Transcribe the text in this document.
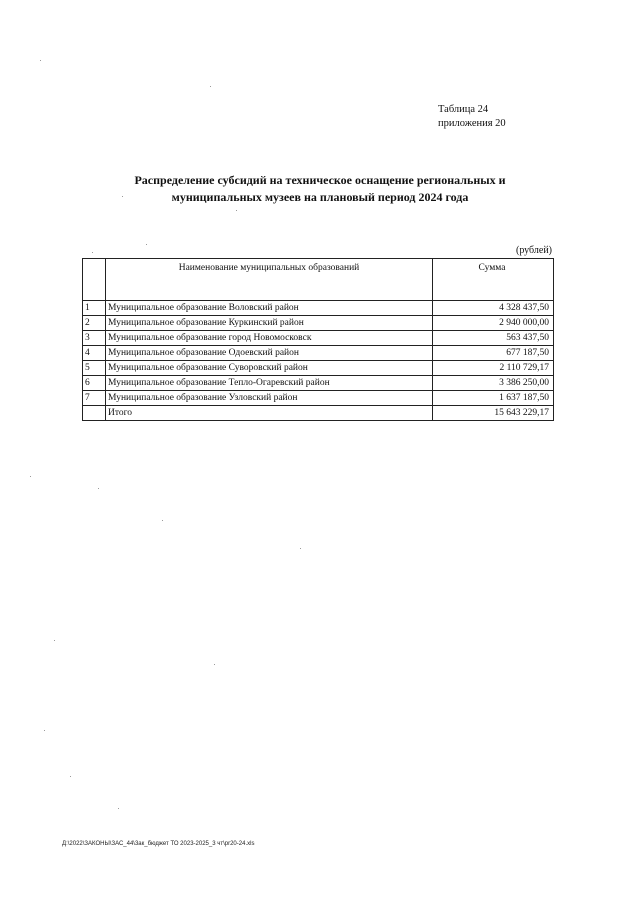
Таблица 24
приложения 20
Распределение субсидий на техническое оснащение региональных и
муниципальных музеев на плановый период 2024 года
(рублей)
	Наименование муниципальных образований	Сумма
1	Муниципальное образование Воловский район	4 328 437,50
2	Муниципальное образование Куркинский район	2 940 000,00
3	Муниципальное образование город Новомосковск	563 437,50
4	Муниципальное образование Одоевский район	677 187,50
5	Муниципальное образование Суворовский район	2 110 729,17
6	Муниципальное образование Тепло-Огаревский район	3 386 250,00
7	Муниципальное образование Узловский район	1 637 187,50
	Итого	15 643 229,17
Д:\2022\ЗАКОНЫ\ЗАС_44\3ак_бюджет ТО 2023-2025_3 чт\pr20-24.xls
